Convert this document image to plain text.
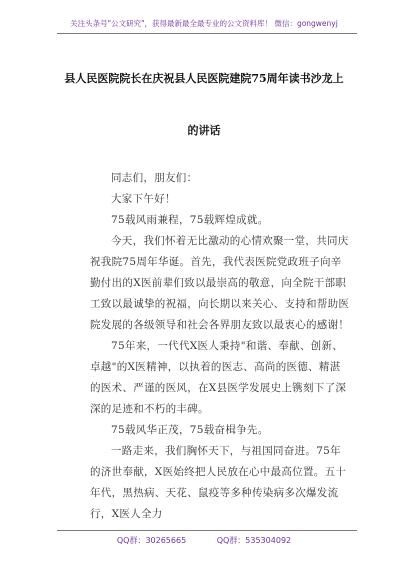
关注头条号"公文研究"，获得最新最全最专业的公文资料库！ 微信：gongwenyj
县人民医院院长在庆祝县人民医院建院75周年读书沙龙上
的讲话

同志们，朋友们：

大家下午好！

75载风雨兼程，75载辉煌成就。

今天，我们怀着无比激动的心情欢聚一堂，共同庆祝我院75周年华诞。首先，我代表医院党政班子向辛勤付出的X医前辈们致以最崇高的敬意，向全院干部职工致以最诚挚的祝福，向长期以来关心、支持和帮助医院发展的各级领导和社会各界朋友致以最衷心的感谢！

75年来，一代代X医人秉持"和谐、奉献、创新、卓越"的X医精神，以执着的医志、高尚的医德、精湛的医术、严谨的医风，在X县医学发展史上镌刻下了深深的足迹和不朽的丰碑。

75载风华正茂，75载奋楫争先。

一路走来，我们胸怀天下，与祖国同奋进。75年的济世奉献，X医始终把人民放在心中最高位置。五十年代，黑热病、天花、鼠疫等多种传染病多次爆发流行，X医人全力

QQ群：30265665	QQ群：535304092
